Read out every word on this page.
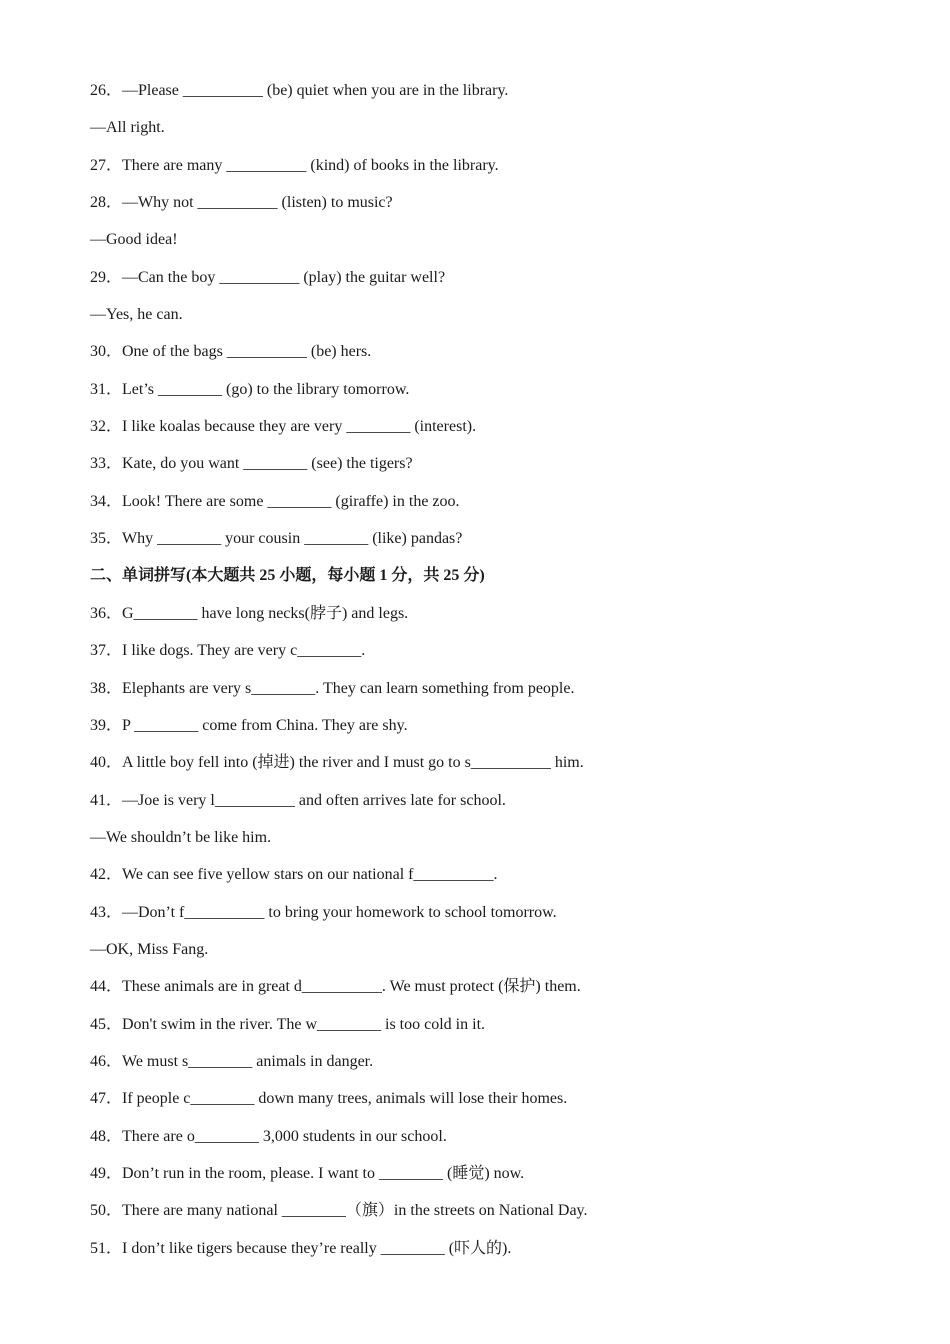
26．—Please __________ (be) quiet when you are in the library.
—All right.
27．There are many __________ (kind) of books in the library.
28．—Why not __________ (listen) to music?
—Good idea!
29．—Can the boy __________ (play) the guitar well?
—Yes, he can.
30．One of the bags __________ (be) hers.
31．Let’s ________ (go) to the library tomorrow.
32．I like koalas because they are very ________ (interest).
33．Kate, do you want ________ (see) the tigers?
34．Look! There are some ________ (giraffe) in the zoo.
35．Why ________ your cousin ________ (like) pandas?
二、单词拼写(本大题共 25 小题，每小题 1 分，共 25 分)
36．G________ have long necks(脖子) and legs.
37．I like dogs. They are very c________.
38．Elephants are very s________. They can learn something from people.
39．P ________ come from China. They are shy.
40．A little boy fell into (掉进) the river and I must go to s__________ him.
41．—Joe is very l__________ and often arrives late for school.
—We shouldn’t be like him.
42．We can see five yellow stars on our national f__________.
43．—Don’t f__________ to bring your homework to school tomorrow.
—OK, Miss Fang.
44．These animals are in great d__________. We must protect (保护) them.
45．Don't swim in the river. The w________ is too cold in it.
46．We must s________ animals in danger.
47．If people c________ down many trees, animals will lose their homes.
48．There are o________ 3,000 students in our school.
49．Don’t run in the room, please. I want to ________ (睡觉) now.
50．There are many national ________（旗）in the streets on National Day.
51．I don’t like tigers because they’re really ________ (吓人的).
